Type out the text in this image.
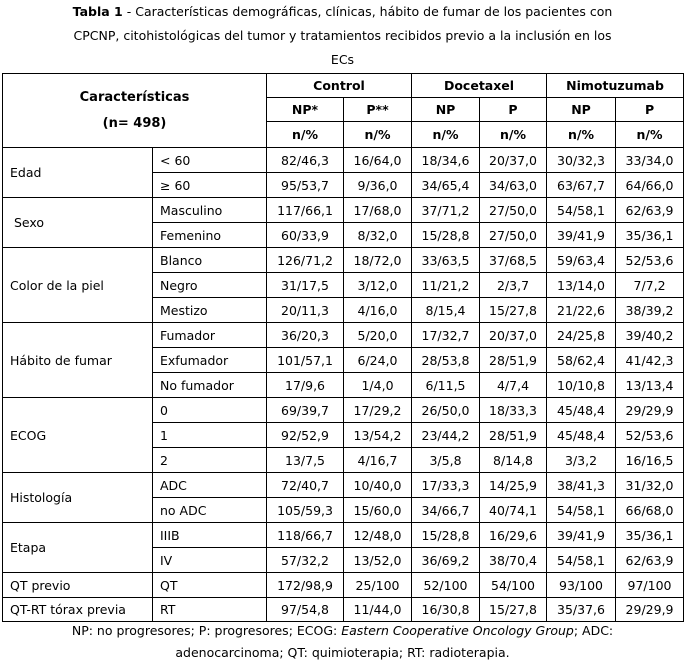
Tabla 1 - Características demográficas, clínicas, hábito de fumar de los pacientes con
CPCNP, citohistológicas del tumor y tratamientos recibidos previo a la inclusión en los
ECs
Características
(n= 498)		Control		Docetaxel		Nimotuzumab	
		NP*	P**	NP	P	NP	P
		n/%	n/%	n/%	n/%	n/%	n/%
Edad	< 60	82/46,3	16/64,0	18/34,6	20/37,0	30/32,3	33/34,0
	≥ 60	95/53,7	9/36,0	34/65,4	34/63,0	63/67,7	64/66,0
Sexo	Masculino	117/66,1	17/68,0	37/71,2	27/50,0	54/58,1	62/63,9
	Femenino	60/33,9	8/32,0	15/28,8	27/50,0	39/41,9	35/36,1
Color de la piel	Blanco	126/71,2	18/72,0	33/63,5	37/68,5	59/63,4	52/53,6
	Negro	31/17,5	3/12,0	11/21,2	2/3,7	13/14,0	7/7,2
	Mestizo	20/11,3	4/16,0	8/15,4	15/27,8	21/22,6	38/39,2
Hábito de fumar	Fumador	36/20,3	5/20,0	17/32,7	20/37,0	24/25,8	39/40,2
	Exfumador	101/57,1	6/24,0	28/53,8	28/51,9	58/62,4	41/42,3
	No fumador	17/9,6	1/4,0	6/11,5	4/7,4	10/10,8	13/13,4
ECOG	0	69/39,7	17/29,2	26/50,0	18/33,3	45/48,4	29/29,9
	1	92/52,9	13/54,2	23/44,2	28/51,9	45/48,4	52/53,6
	2	13/7,5	4/16,7	3/5,8	8/14,8	3/3,2	16/16,5
Histología	ADC	72/40,7	10/40,0	17/33,3	14/25,9	38/41,3	31/32,0
	no ADC	105/59,3	15/60,0	34/66,7	40/74,1	54/58,1	66/68,0
Etapa	IIIB	118/66,7	12/48,0	15/28,8	16/29,6	39/41,9	35/36,1
	IV	57/32,2	13/52,0	36/69,2	38/70,4	54/58,1	62/63,9
QT previo	QT	172/98,9	25/100	52/100	54/100	93/100	97/100
QT-RT tórax previa	RT	97/54,8	11/44,0	16/30,8	15/27,8	35/37,6	29/29,9
NP: no progresores; P: progresores; ECOG: Eastern Cooperative Oncology Group; ADC:
adenocarcinoma; QT: quimioterapia; RT: radioterapia.
